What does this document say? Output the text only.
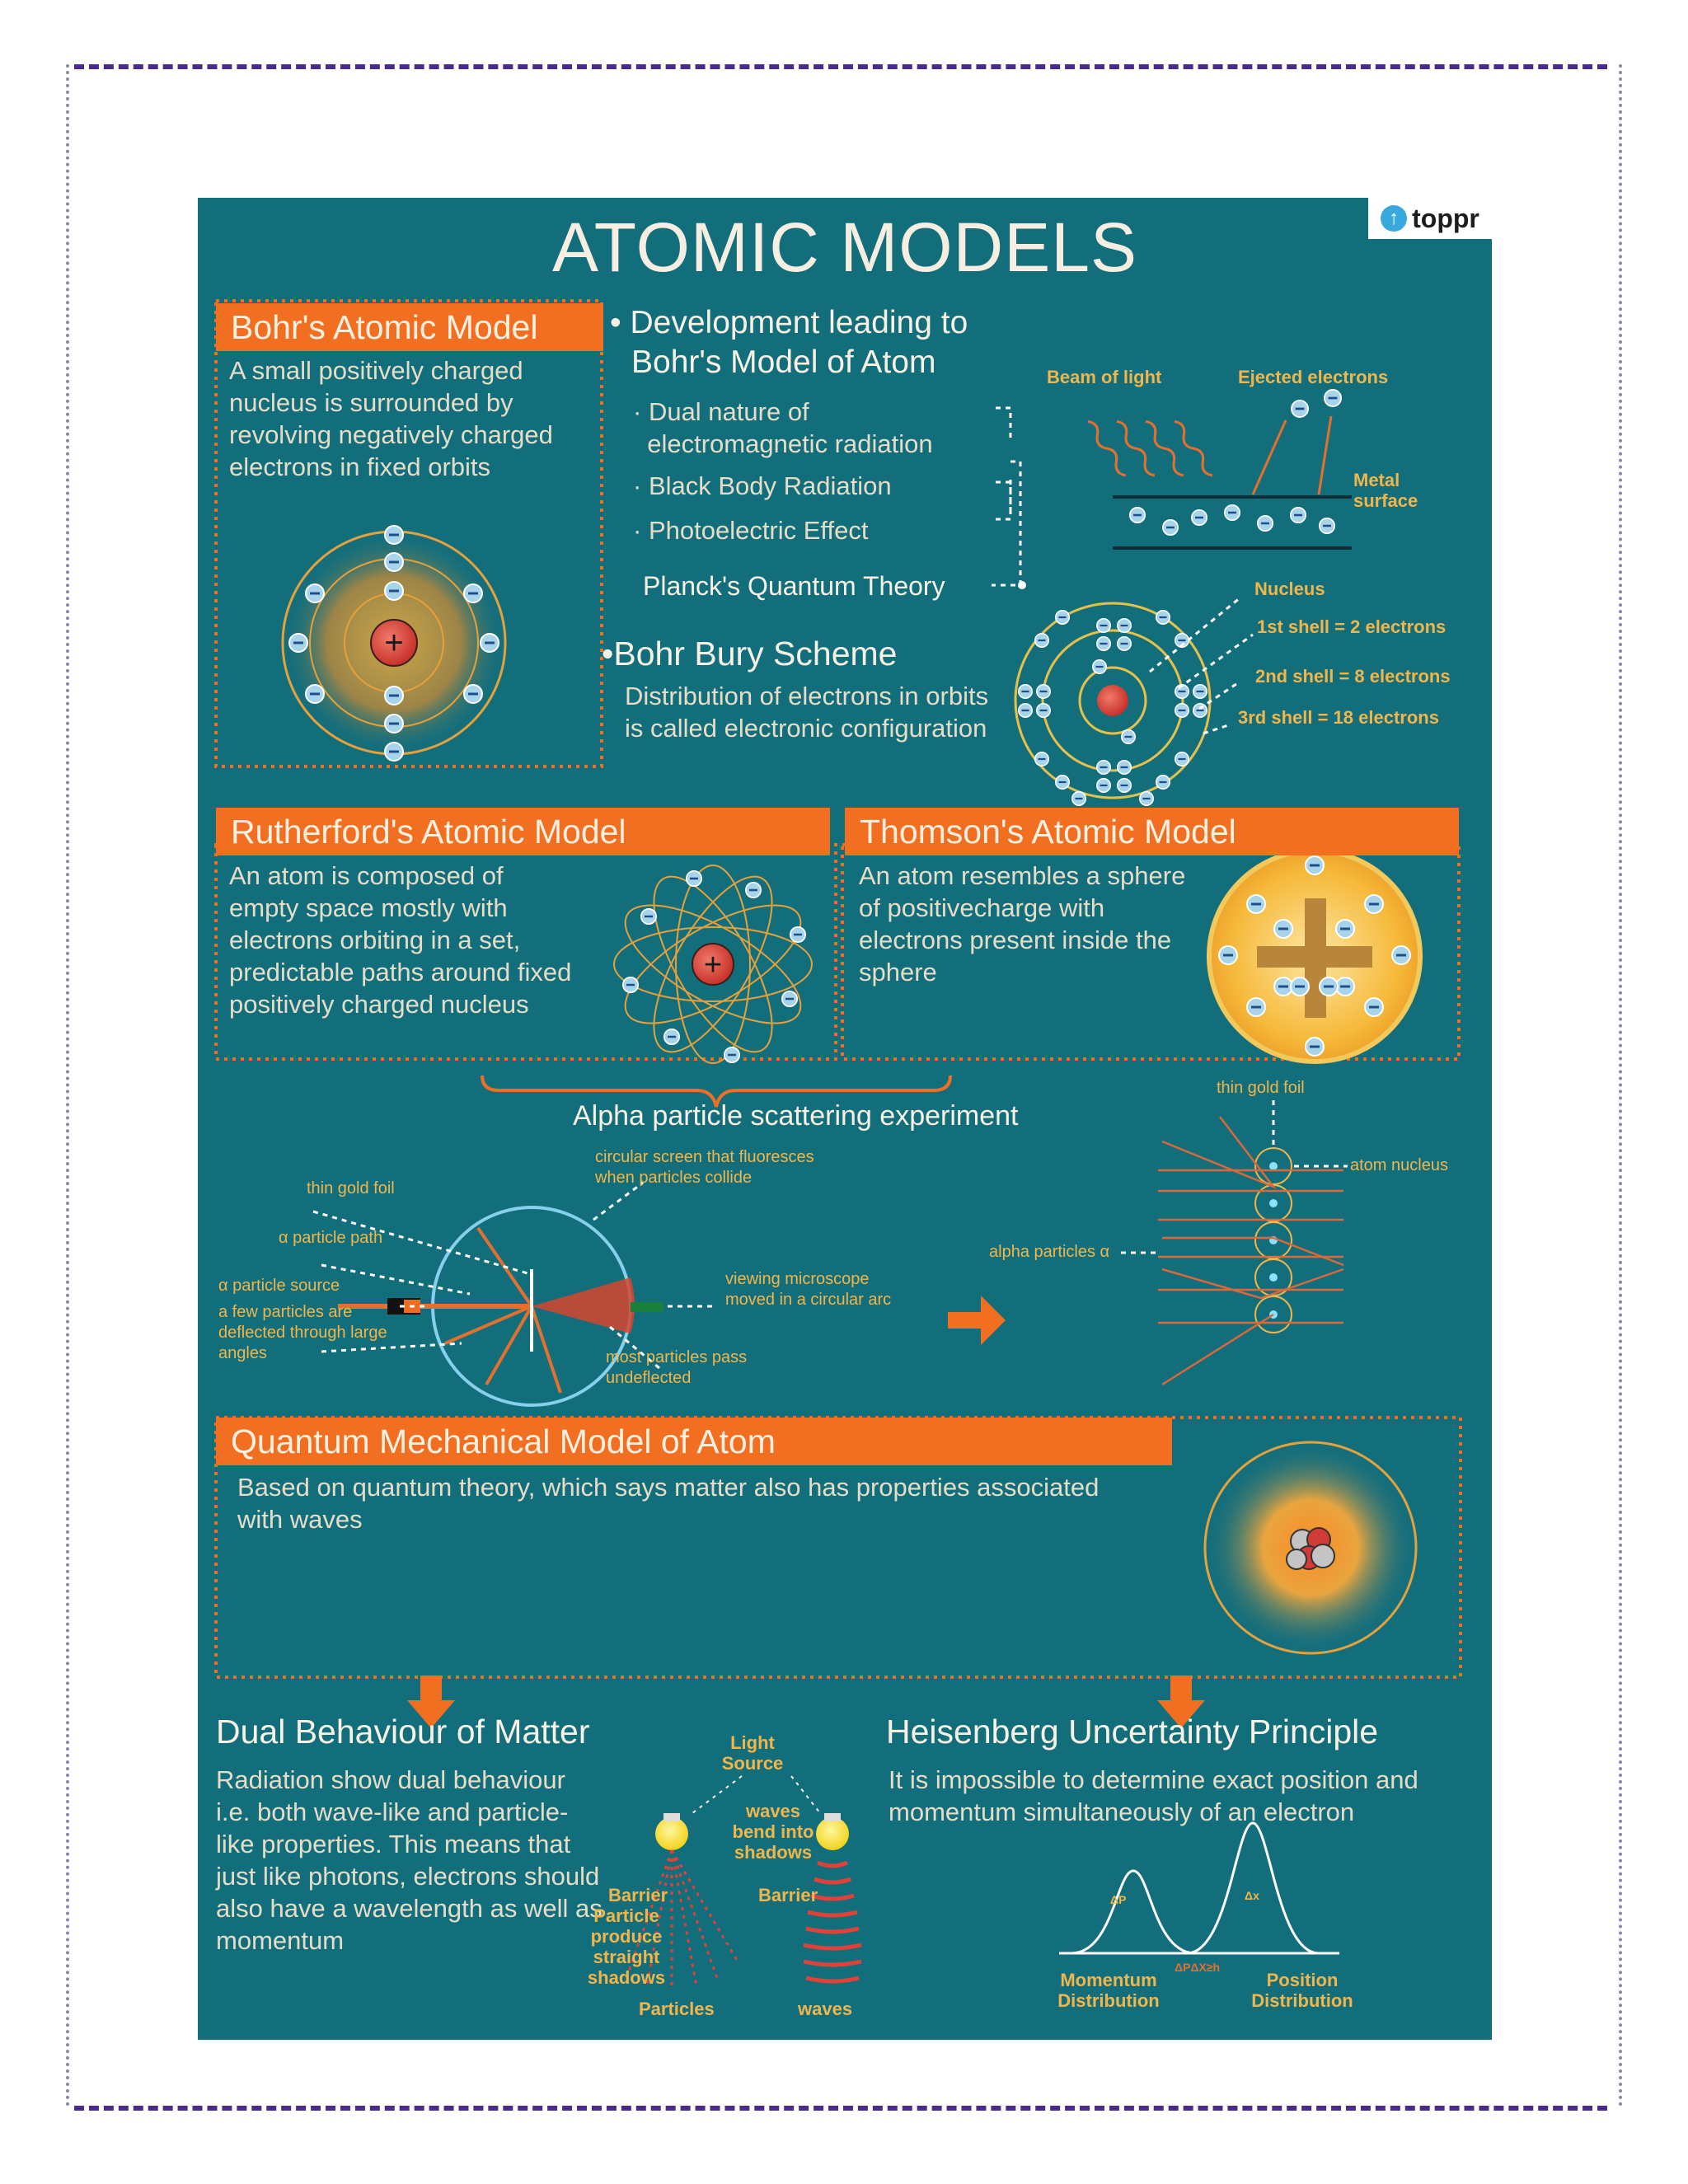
+
+
ATOMIC MODELS	↑ toppr
Bohr's Atomic Model
A small positively charged nucleus is surrounded by revolving negatively charged electrons in fixed orbits
• Development leading to
Bohr's Model of Atom
· Dual nature of
electromagnetic radiation
· Black Body Radiation
· Photoelectric Effect
Planck's Quantum Theory
Beam of light	Ejected electrons
Metal
surface
•Bohr Bury Scheme
Distribution of electrons in orbits is called electronic configuration
Nucleus
1st shell = 2 electrons
2nd shell = 8 electrons
3rd shell = 18 electrons
Rutherford's Atomic Model
An atom is composed of empty space mostly with electrons orbiting in a set, predictable paths around fixed positively charged nucleus
Thomson's Atomic Model
An atom resembles a sphere of positivecharge with electrons present inside the sphere
Alpha particle scattering experiment
thin gold foil
α particle path
α particle source
a few particles are deflected through large angles
circular screen that fluoresces when particles collide
viewing microscope moved in a circular arc
most particles pass undeflected
thin gold foil
atom nucleus
alpha particles α
Quantum Mechanical Model of Atom
Based on quantum theory, which says matter also has properties associated with waves
Dual Behaviour of Matter
Radiation show dual behaviour i.e. both wave-like and particle-like properties. This means that just like photons, electrons should also have a wavelength as well as momentum
Light Source
waves bend into shadows
Barrier	Barrier
Particle produce straight shadows
Particles	waves
Heisenberg Uncertainty Principle
It is impossible to determine exact position and momentum simultaneously of an electron
ΔP	Δx
ΔPΔX≥h
Momentum Distribution
Position Distribution
